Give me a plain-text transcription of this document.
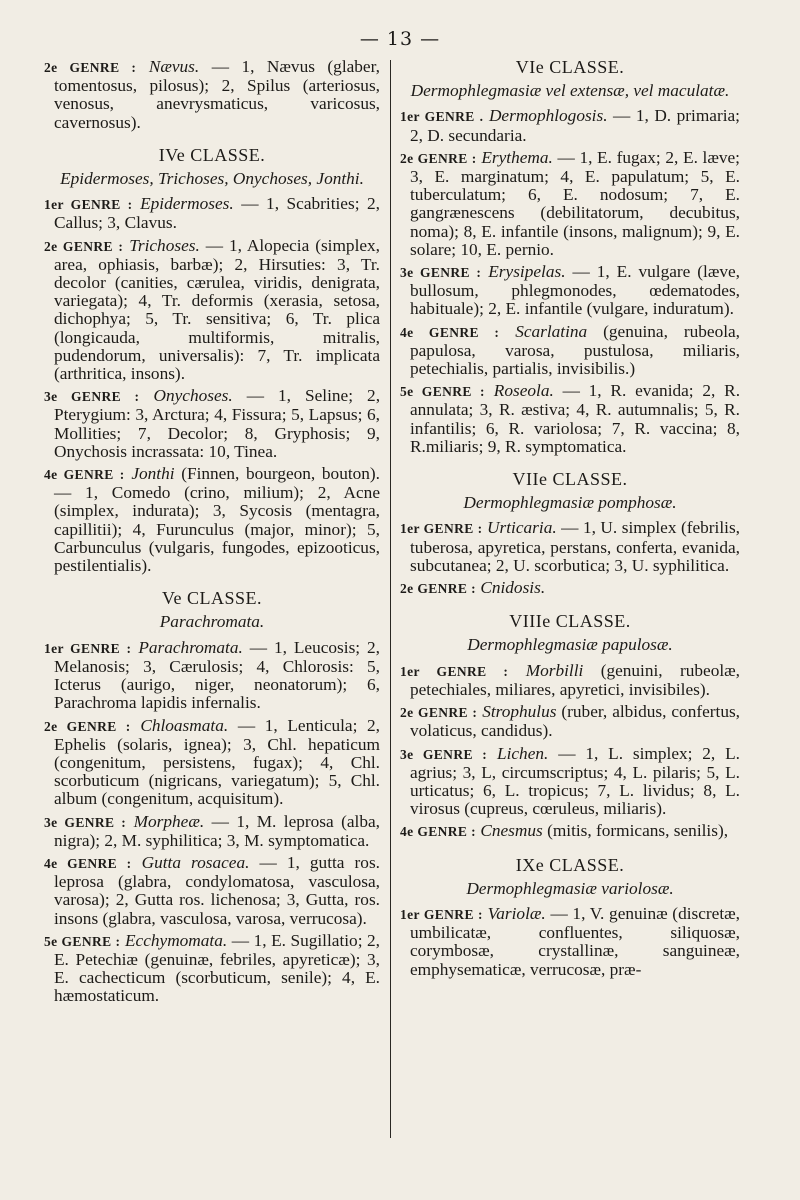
— 13 —
2e GENRE : Nævus. — 1, Nævus (glaber, tomentosus, pilosus); 2, Spilus (arteriosus, venosus, anevrysmaticus, varicosus, cavernosus).
IVe CLASSE.
Epidermoses, Trichoses, Onychoses, Jonthi.
1er GENRE : Epidermoses. — 1, Scabrities; 2, Callus; 3, Clavus.
2e GENRE : Trichoses. — 1, Alopecia (simplex, area, ophiasis, barbæ); 2, Hirsuties: 3, Tr. decolor (canities, cærulea, viridis, denigrata, variegata); 4, Tr. deformis (xerasia, setosa, dichophya; 5, Tr. sensitiva; 6, Tr. plica (longicauda, multiformis, mitralis, pudendorum, universalis): 7, Tr. implicata (arthritica, insons).
3e GENRE : Onychoses. — 1, Seline; 2, Pterygium: 3, Arctura; 4, Fissura; 5, Lapsus; 6, Mollities; 7, Decolor; 8, Gryphosis; 9, Onychosis incrassata: 10, Tinea.
4e GENRE : Jonthi (Finnen, bourgeon, bouton). — 1, Comedo (crino, milium); 2, Acne (simplex, indurata); 3, Sycosis (mentagra, capillitii); 4, Furunculus (major, minor); 5, Carbunculus (vulgaris, fungodes, epizooticus, pestilentialis).
Ve CLASSE.
Parachromata.
1er GENRE : Parachromata. — 1, Leucosis; 2, Melanosis; 3, Cærulosis; 4, Chlorosis: 5, Icterus (aurigo, niger, neonatorum); 6, Parachroma lapidis infernalis.
2e GENRE : Chloasmata. — 1, Lenticula; 2, Ephelis (solaris, ignea); 3, Chl. hepaticum (congenitum, persistens, fugax); 4, Chl. scorbuticum (nigricans, variegatum); 5, Chl. album (congenitum, acquisitum).
3e GENRE : Morpheæ. — 1, M. leprosa (alba, nigra); 2, M. syphilitica; 3, M. symptomatica.
4e GENRE : Gutta rosacea. — 1, gutta ros. leprosa (glabra, condylomatosa, vasculosa, varosa); 2, Gutta ros. lichenosa; 3, Gutta, ros. insons (glabra, vasculosa, varosa, verrucosa).
5e GENRE : Ecchymomata. — 1, E. Sugillatio; 2, E. Petechiæ (genuinæ, febriles, apyreticæ); 3, E. cachecticum (scorbuticum, senile); 4, E. hæmostaticum.
VIe CLASSE.
Dermophlegmasiæ vel extensæ, vel maculatæ.
1er GENRE . Dermophlogosis. — 1, D. primaria; 2, D. secundaria.
2e GENRE : Erythema. — 1, E. fugax; 2, E. læve; 3, E. marginatum; 4, E. papulatum; 5, E. tuberculatum; 6, E. nodosum; 7, E. gangrænescens (debilitatorum, decubitus, noma); 8, E. infantile (insons, malignum); 9, E. solare; 10, E. pernio.
3e GENRE : Erysipelas. — 1, E. vulgare (læve, bullosum, phlegmonodes, œdematodes, habituale); 2, E. infantile (vulgare, induratum).
4e GENRE : Scarlatina (genuina, rubeola, papulosa, varosa, pustulosa, miliaris, petechialis, partialis, invisibilis.)
5e GENRE : Roseola. — 1, R. evanida; 2, R. annulata; 3, R. æstiva; 4, R. autumnalis; 5, R. infantilis; 6, R. variolosa; 7, R. vaccina; 8, R.miliaris; 9, R. symptomatica.
VIIe CLASSE.
Dermophlegmasiæ pomphosæ.
1er GENRE : Urticaria. — 1, U. simplex (febrilis, tuberosa, apyretica, perstans, conferta, evanida, subcutanea; 2, U. scorbutica; 3, U. syphilitica.
2e GENRE : Cnidosis.
VIIIe CLASSE.
Dermophlegmasiæ papulosæ.
1er GENRE : Morbilli (genuini, rubeolæ, petechiales, miliares, apyretici, invisibiles).
2e GENRE : Strophulus (ruber, albidus, confertus, volaticus, candidus).
3e GENRE : Lichen. — 1, L. simplex; 2, L. agrius; 3, L, circumscriptus; 4, L. pilaris; 5, L. urticatus; 6, L. tropicus; 7, L. lividus; 8, L. virosus (cupreus, cœruleus, miliaris).
4e GENRE : Cnesmus (mitis, formicans, senilis),
IXe CLASSE.
Dermophlegmasiæ variolosæ.
1er GENRE : Variolæ. — 1, V. genuinæ (discretæ, umbilicatæ, confluentes, siliquosæ, corymbosæ, crystallinæ, sanguineæ, emphysematicæ, verrucosæ, præ-
